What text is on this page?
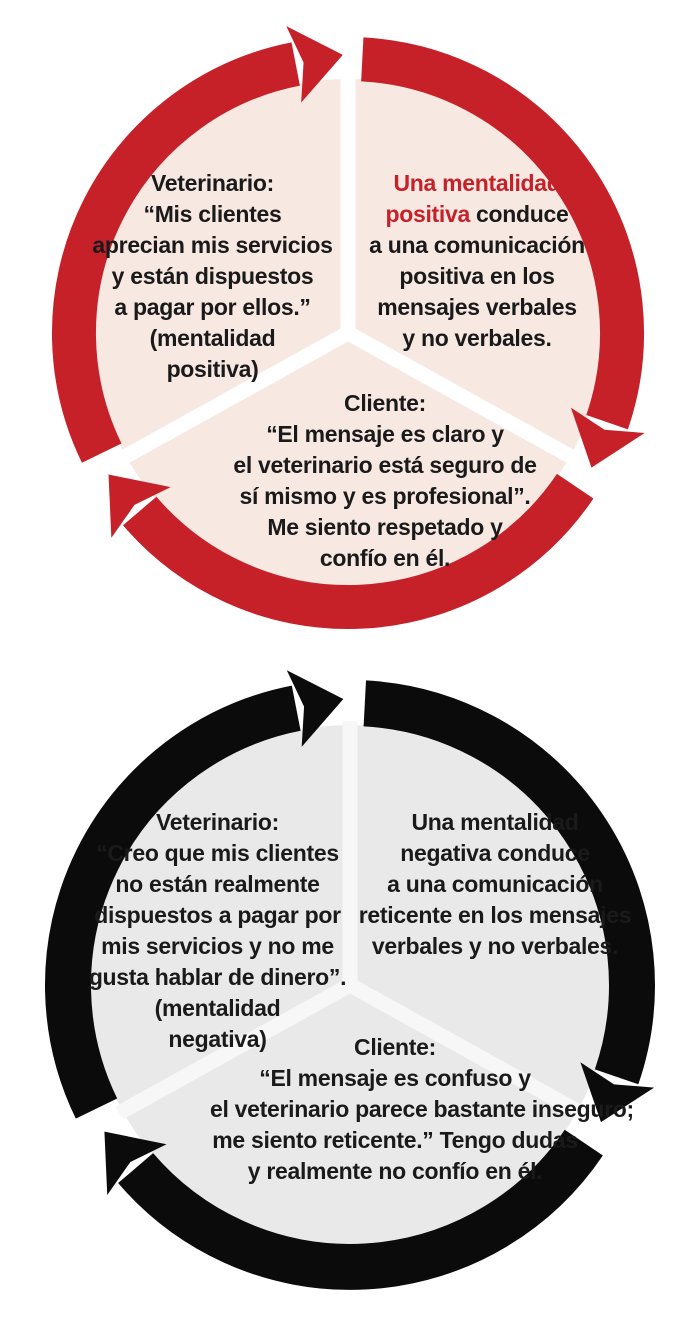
Veterinario:
“Mis clientes
aprecian mis servicios
y están dispuestos
a pagar por ellos.”
(mentalidad
positiva)
Una mentalidad
positiva conduce
a una comunicación
positiva en los
mensajes verbales
y no verbales.
Cliente:
“El mensaje es claro y
el veterinario está seguro de
sí mismo y es profesional”.
Me siento respetado y
confío en él.
Veterinario:
“Creo que mis clientes
no están realmente
dispuestos a pagar por
mis servicios y no me
gusta hablar de dinero”.
(mentalidad
negativa)
Una mentalidad
negativa conduce
a una comunicación
reticente en los mensajes
verbales y no verbales.
Cliente:
“El mensaje es confuso y
el veterinario parece bastante inseguro;
me siento reticente.” Tengo dudas
y realmente no confío en él.
